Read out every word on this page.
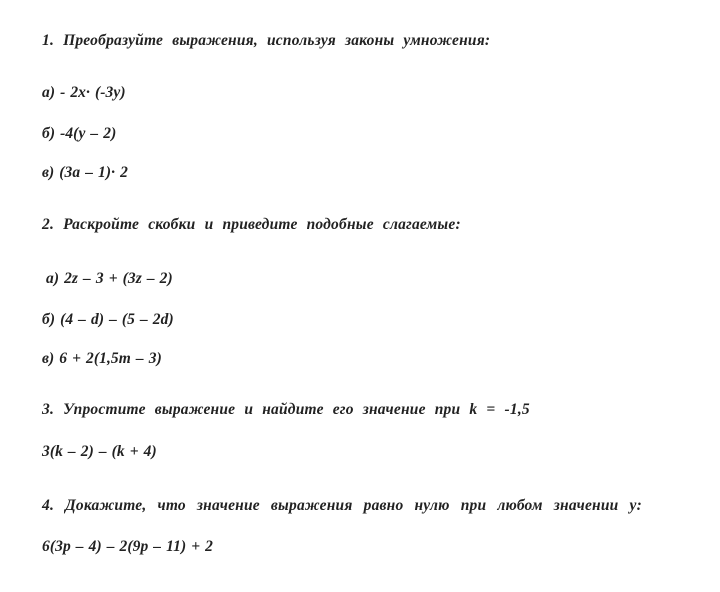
1. Преобразуйте выражения, используя законы умножения:
а) - 2x· (-3y)
б) -4(y – 2)
в) (3a – 1)· 2
2. Раскройте скобки и приведите подобные слагаемые:
а) 2z – 3 + (3z – 2)
б) (4 – d) – (5 – 2d)
в) 6 + 2(1,5m – 3)
3. Упростите выражение и найдите его значение при k = -1,5
3(k – 2) – (k + 4)
4. Докажите, что значение выражения равно нулю при любом значении y:
6(3p – 4) – 2(9p – 11) + 2
